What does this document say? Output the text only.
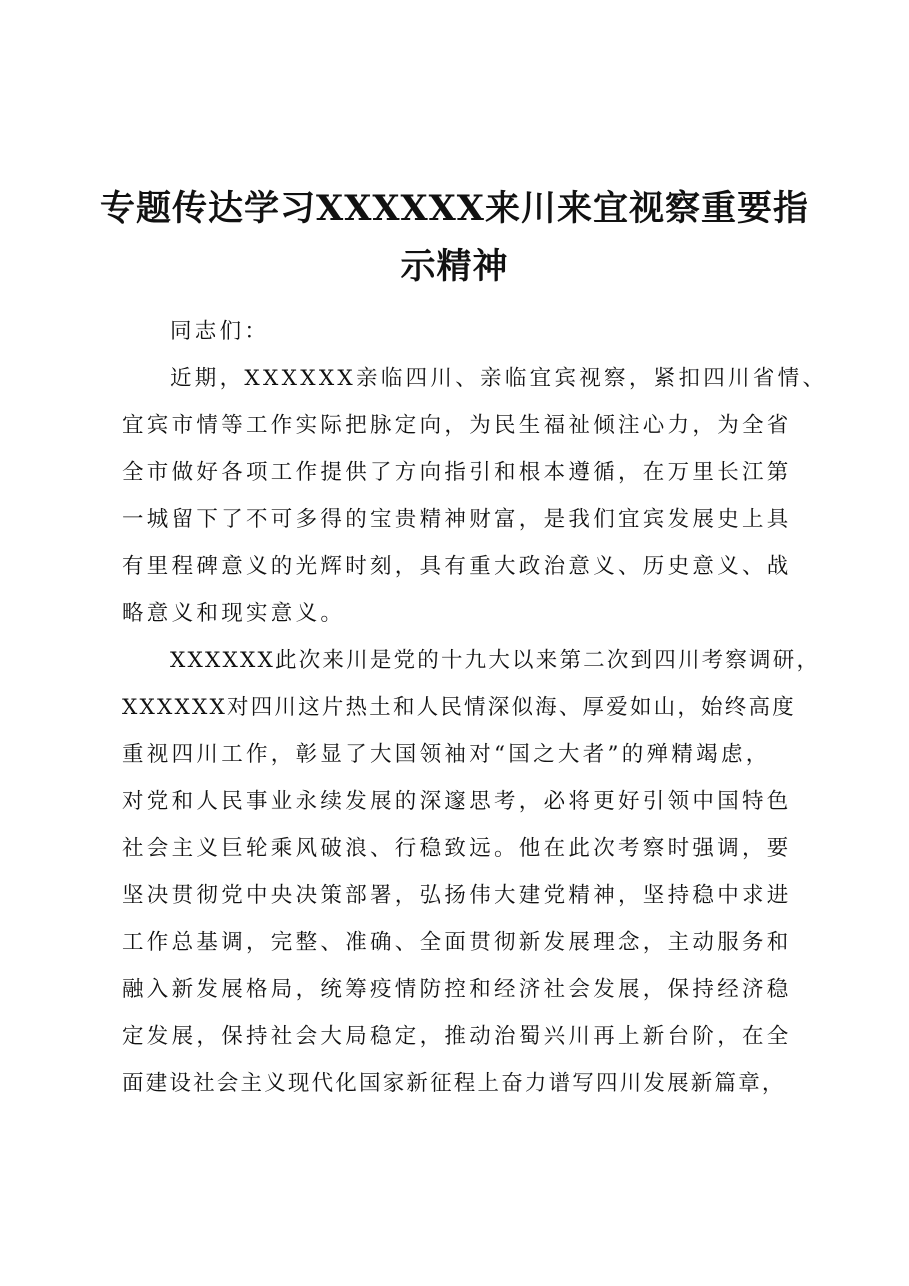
专题传达学习XXXXXX来川来宜视察重要指
示精神
同志们：
近期，XXXXXX亲临四川、亲临宜宾视察，紧扣四川省情、
宜宾市情等工作实际把脉定向，为民生福祉倾注心力，为全省
全市做好各项工作提供了方向指引和根本遵循，在万里长江第
一城留下了不可多得的宝贵精神财富，是我们宜宾发展史上具
有里程碑意义的光辉时刻，具有重大政治意义、历史意义、战
略意义和现实意义。
XXXXXX此次来川是党的十九大以来第二次到四川考察调研，
XXXXXX对四川这片热土和人民情深似海、厚爱如山，始终高度
重视四川工作，彰显了大国领袖对“国之大者”的殚精竭虑，
对党和人民事业永续发展的深邃思考，必将更好引领中国特色
社会主义巨轮乘风破浪、行稳致远。他在此次考察时强调，要
坚决贯彻党中央决策部署，弘扬伟大建党精神，坚持稳中求进
工作总基调，完整、准确、全面贯彻新发展理念，主动服务和
融入新发展格局，统筹疫情防控和经济社会发展，保持经济稳
定发展，保持社会大局稳定，推动治蜀兴川再上新台阶，在全
面建设社会主义现代化国家新征程上奋力谱写四川发展新篇章，
